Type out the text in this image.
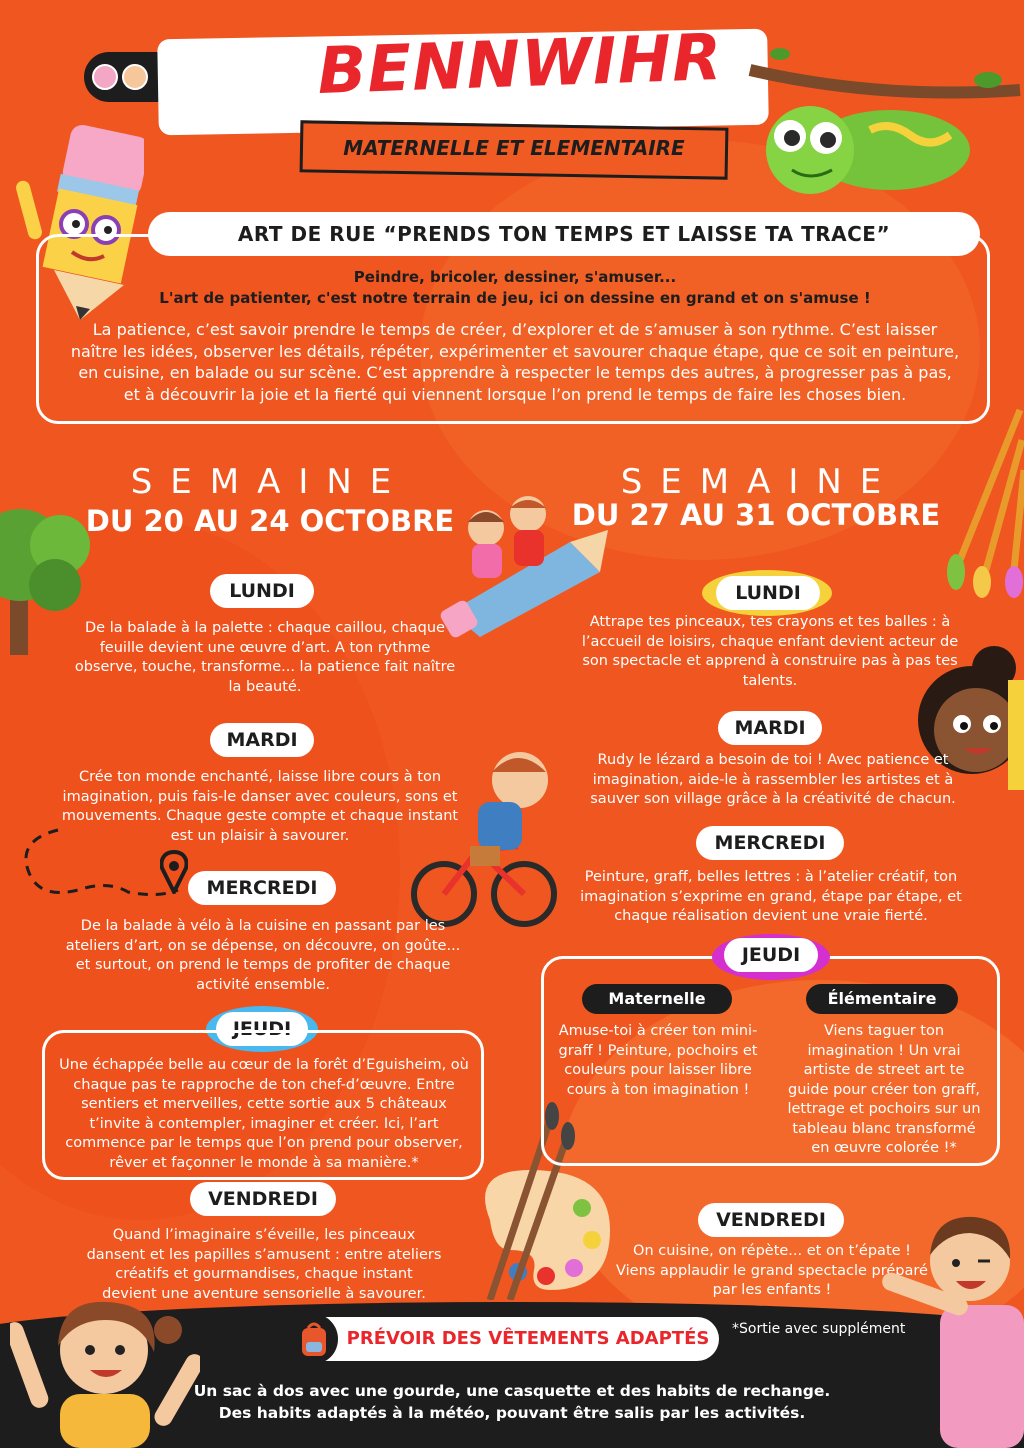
BENNWIHR
MATERNELLE ET ELEMENTAIRE
ART DE RUE “PRENDS TON TEMPS ET LAISSE TA TRACE”
Peindre, bricoler, dessiner, s'amuser...
L'art de patienter, c'est notre terrain de jeu, ici on dessine en grand et on s'amuse !
La patience, c’est savoir prendre le temps de créer, d’explorer et de s’amuser à son rythme. C’est laisser naître les idées, observer les détails, répéter, expérimenter et savourer chaque étape, que ce soit en peinture, en cuisine, en balade ou sur scène. C’est apprendre à respecter le temps des autres, à progresser pas à pas, et à découvrir la joie et la fierté qui viennent lorsque l’on prend le temps de faire les choses bien.
SEMAINE
DU 20 AU 24 OCTOBRE
LUNDI
De la balade à la palette : chaque caillou, chaque feuille devient une œuvre d’art. A ton rythme observe, touche, transforme... la patience fait naître la beauté.
MARDI
Crée ton monde enchanté, laisse libre cours à ton imagination, puis fais-le danser avec couleurs, sons et mouvements. Chaque geste compte et chaque instant est un plaisir à savourer.
MERCREDI
De la balade à vélo à la cuisine en passant par les ateliers d’art, on se dépense, on découvre, on goûte... et surtout, on prend le temps de profiter de chaque activité ensemble.
JEUDI
Une échappée belle au cœur de la forêt d’Eguisheim, où chaque pas te rapproche de ton chef-d’œuvre. Entre sentiers et merveilles, cette sortie aux 5 châteaux t’invite à contempler, imaginer et créer. Ici, l’art commence par le temps que l’on prend pour observer, rêver et façonner le monde à sa manière.*
VENDREDI
Quand l’imaginaire s’éveille, les pinceaux dansent et les papilles s’amusent : entre ateliers créatifs et gourmandises, chaque instant devient une aventure sensorielle à savourer.
SEMAINE
DU 27 AU 31 OCTOBRE
LUNDI
Attrape tes pinceaux, tes crayons et tes balles : à l’accueil de loisirs, chaque enfant devient acteur de son spectacle et apprend à construire pas à pas tes talents.
MARDI
Rudy le lézard a besoin de toi ! Avec patience et imagination, aide-le à rassembler les artistes et à sauver son village grâce à la créativité de chacun.
MERCREDI
Peinture, graff, belles lettres : à l’atelier créatif, ton imagination s’exprime en grand, étape par étape, et chaque réalisation devient une vraie fierté.
JEUDI
Maternelle
Amuse-toi à créer ton mini-graff ! Peinture, pochoirs et couleurs pour laisser libre cours à ton imagination !
Élémentaire
Viens taguer ton imagination ! Un vrai artiste de street art te guide pour créer ton graff, lettrage et pochoirs sur un tableau blanc transformé en œuvre colorée !*
VENDREDI
On cuisine, on répète... et on t’épate ! Viens applaudir le grand spectacle préparé par les enfants !
PRÉVOIR DES VÊTEMENTS ADAPTÉS	*Sortie avec supplément
Un sac à dos avec une gourde, une casquette et des habits de rechange.
Des habits adaptés à la météo, pouvant être salis par les activités.
